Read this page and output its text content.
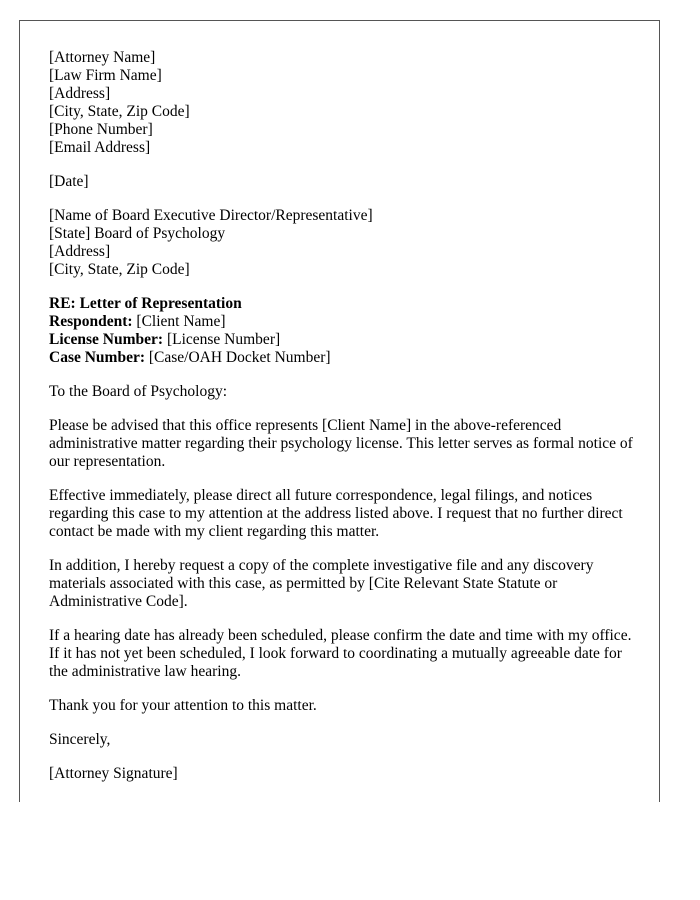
[Attorney Name]
[Law Firm Name]
[Address]
[City, State, Zip Code]
[Phone Number]
[Email Address]
[Date]
[Name of Board Executive Director/Representative]
[State] Board of Psychology
[Address]
[City, State, Zip Code]
RE: Letter of Representation
Respondent: [Client Name]
License Number: [License Number]
Case Number: [Case/OAH Docket Number]

To the Board of Psychology:

Please be advised that this office represents [Client Name] in the above-referenced administrative matter regarding their psychology license. This letter serves as formal notice of our representation.

Effective immediately, please direct all future correspondence, legal filings, and notices regarding this case to my attention at the address listed above. I request that no further direct contact be made with my client regarding this matter.

In addition, I hereby request a copy of the complete investigative file and any discovery materials associated with this case, as permitted by [Cite Relevant State Statute or Administrative Code].

If a hearing date has already been scheduled, please confirm the date and time with my office. If it has not yet been scheduled, I look forward to coordinating a mutually agreeable date for the administrative law hearing.

Thank you for your attention to this matter.

Sincerely,

[Attorney Signature]
